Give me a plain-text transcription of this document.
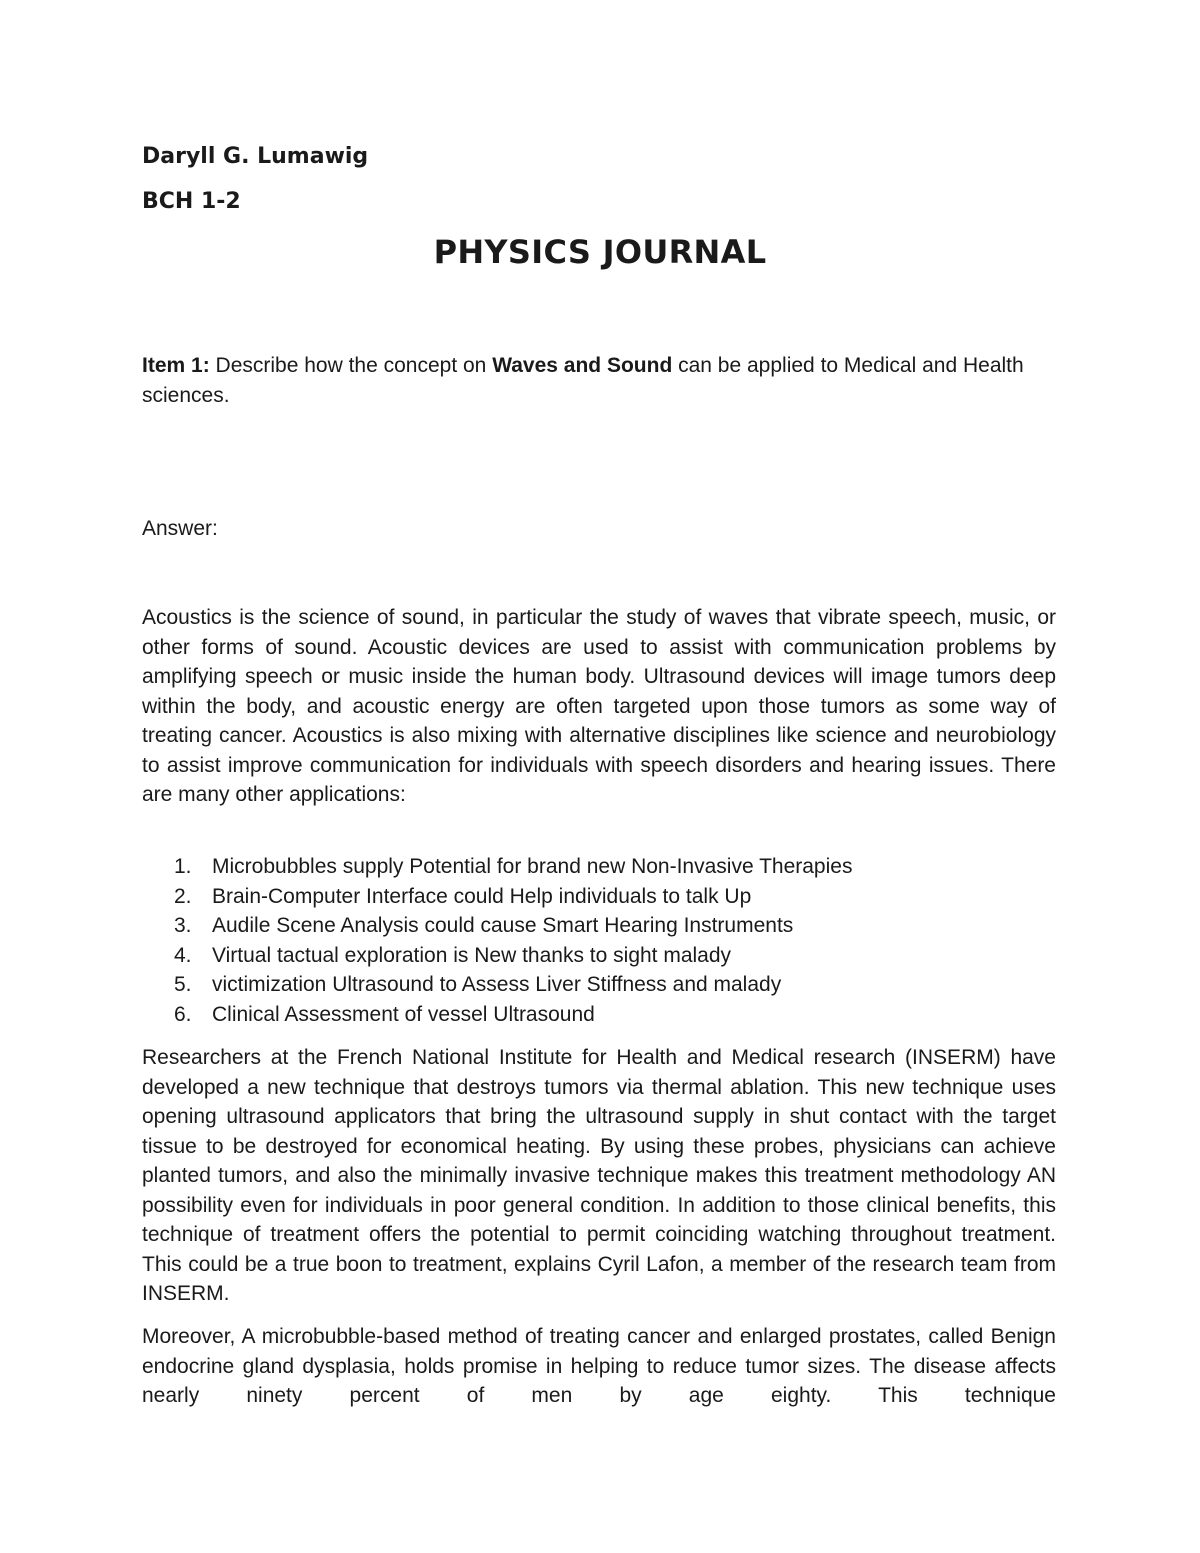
Daryll G. Lumawig

BCH 1-2

PHYSICS JOURNAL

Item 1: Describe how the concept on Waves and Sound can be applied to Medical and Health sciences.

Answer:

Acoustics is the science of sound, in particular the study of waves that vibrate speech, music, or other forms of sound. Acoustic devices are used to assist with communication problems by amplifying speech or music inside the human body. Ultrasound devices will image tumors deep within the body, and acoustic energy are often targeted upon those tumors as some way of treating cancer. Acoustics is also mixing with alternative disciplines like science and neurobiology to assist improve communication for individuals with speech disorders and hearing issues. There are many other applications:

1. Microbubbles supply Potential for brand new Non-Invasive Therapies
2. Brain-Computer Interface could Help individuals to talk Up
3. Audile Scene Analysis could cause Smart Hearing Instruments
4. Virtual tactual exploration is New thanks to sight malady
5. victimization Ultrasound to Assess Liver Stiffness and malady
6. Clinical Assessment of vessel Ultrasound

Researchers at the French National Institute for Health and Medical research (INSERM) have developed a new technique that destroys tumors via thermal ablation. This new technique uses opening ultrasound applicators that bring the ultrasound supply in shut contact with the target tissue to be destroyed for economical heating. By using these probes, physicians can achieve planted tumors, and also the minimally invasive technique makes this treatment methodology AN possibility even for individuals in poor general condition. In addition to those clinical benefits, this technique of treatment offers the potential to permit coinciding watching throughout treatment. This could be a true boon to treatment, explains Cyril Lafon, a member of the research team from INSERM.

Moreover, A microbubble-based method of treating cancer and enlarged prostates, called Benign endocrine gland dysplasia, holds promise in helping to reduce tumor sizes. The disease affects nearly ninety percent of men by age eighty. This technique
